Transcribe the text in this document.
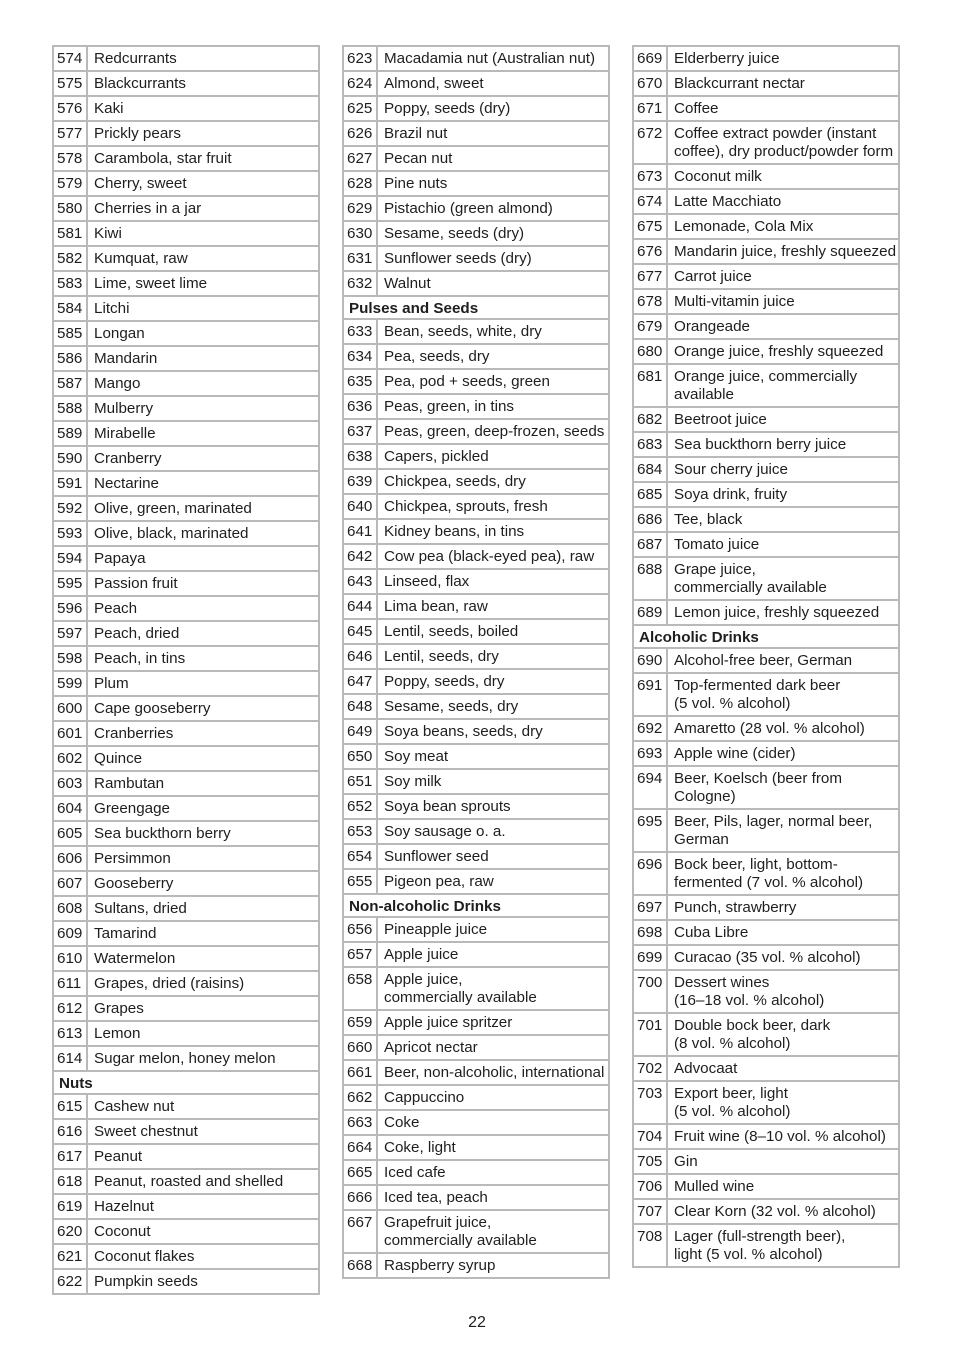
574 Redcurrants
575 Blackcurrants
576 Kaki
577 Prickly pears
578 Carambola, star fruit
579 Cherry, sweet
580 Cherries in a jar
581 Kiwi
582 Kumquat, raw
583 Lime, sweet lime
584 Litchi
585 Longan
586 Mandarin
587 Mango
588 Mulberry
589 Mirabelle
590 Cranberry
591 Nectarine
592 Olive, green, marinated
593 Olive, black, marinated
594 Papaya
595 Passion fruit
596 Peach
597 Peach, dried
598 Peach, in tins
599 Plum
600 Cape gooseberry
601 Cranberries
602 Quince
603 Rambutan
604 Greengage
605 Sea buckthorn berry
606 Persimmon
607 Gooseberry
608 Sultans, dried
609 Tamarind
610 Watermelon
611 Grapes, dried (raisins)
612 Grapes
613 Lemon
614 Sugar melon, honey melon
Nuts
615 Cashew nut
616 Sweet chestnut
617 Peanut
618 Peanut, roasted and shelled
619 Hazelnut
620 Coconut
621 Coconut flakes
622 Pumpkin seeds
623 Macadamia nut (Australian nut)
624 Almond, sweet
625 Poppy, seeds (dry)
626 Brazil nut
627 Pecan nut
628 Pine nuts
629 Pistachio (green almond)
630 Sesame, seeds (dry)
631 Sunflower seeds (dry)
632 Walnut
Pulses and Seeds
633 Bean, seeds, white, dry
634 Pea, seeds, dry
635 Pea, pod + seeds, green
636 Peas, green, in tins
637 Peas, green, deep-frozen, seeds
638 Capers, pickled
639 Chickpea, seeds, dry
640 Chickpea, sprouts, fresh
641 Kidney beans, in tins
642 Cow pea (black-eyed pea), raw
643 Linseed, flax
644 Lima bean, raw
645 Lentil, seeds, boiled
646 Lentil, seeds, dry
647 Poppy, seeds, dry
648 Sesame, seeds, dry
649 Soya beans, seeds, dry
650 Soy meat
651 Soy milk
652 Soya bean sprouts
653 Soy sausage o. a.
654 Sunflower seed
655 Pigeon pea, raw
Non-alcoholic Drinks
656 Pineapple juice
657 Apple juice
658 Apple juice,
commercially available
659 Apple juice spritzer
660 Apricot nectar
661 Beer, non-alcoholic, international
662 Cappuccino
663 Coke
664 Coke, light
665 Iced cafe
666 Iced tea, peach
667 Grapefruit juice,
commercially available
668 Raspberry syrup
669 Elderberry juice
670 Blackcurrant nectar
671 Coffee
672 Coffee extract powder (instant
coffee), dry product/powder form
673 Coconut milk
674 Latte Macchiato
675 Lemonade, Cola Mix
676 Mandarin juice, freshly squeezed
677 Carrot juice
678 Multi-vitamin juice
679 Orangeade
680 Orange juice, freshly squeezed
681 Orange juice, commercially
available
682 Beetroot juice
683 Sea buckthorn berry juice
684 Sour cherry juice
685 Soya drink, fruity
686 Tee, black
687 Tomato juice
688 Grape juice,
commercially available
689 Lemon juice, freshly squeezed
Alcoholic Drinks
690 Alcohol-free beer, German
691 Top-fermented dark beer
(5 vol. % alcohol)
692 Amaretto (28 vol. % alcohol)
693 Apple wine (cider)
694 Beer, Koelsch (beer from
Cologne)
695 Beer, Pils, lager, normal beer,
German
696 Bock beer, light, bottom-
fermented (7 vol. % alcohol)
697 Punch, strawberry
698 Cuba Libre
699 Curacao (35 vol. % alcohol)
700 Dessert wines
(16–18 vol. % alcohol)
701 Double bock beer, dark
(8 vol. % alcohol)
702 Advocaat
703 Export beer, light
(5 vol. % alcohol)
704 Fruit wine (8–10 vol. % alcohol)
705 Gin
706 Mulled wine
707 Clear Korn (32 vol. % alcohol)
708 Lager (full-strength beer),
light (5 vol. % alcohol)
22
